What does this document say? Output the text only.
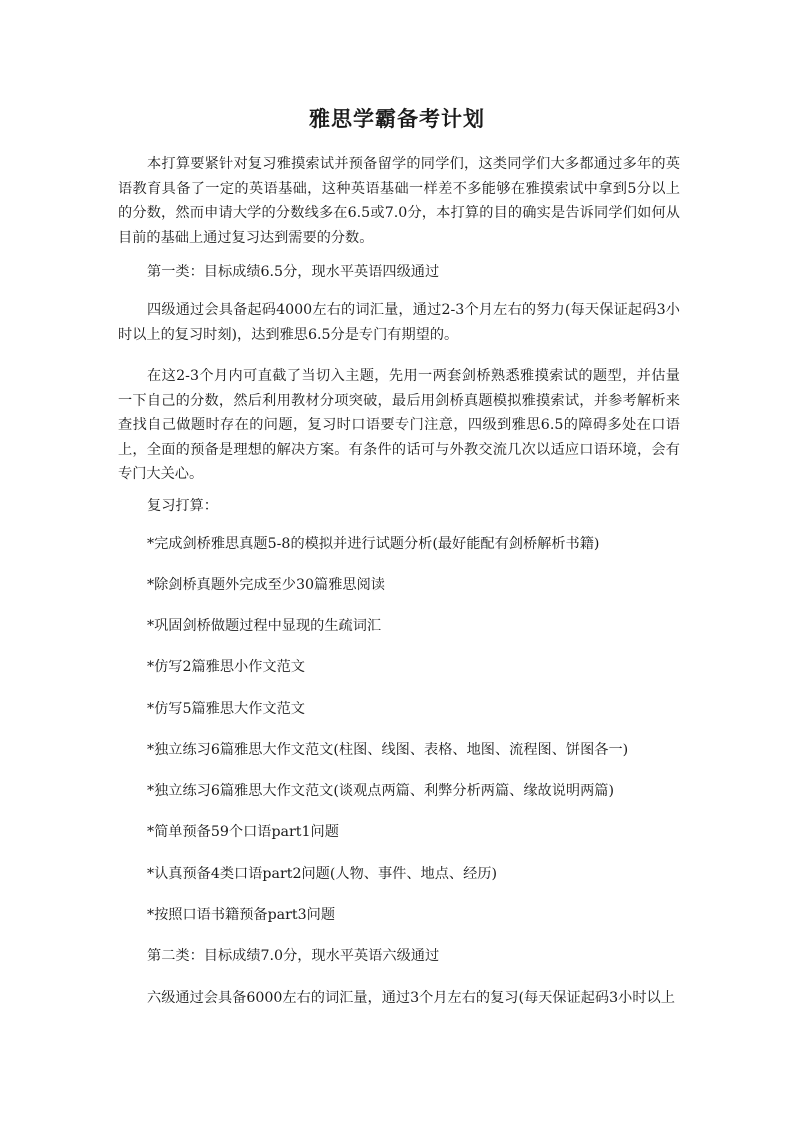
雅思学霸备考计划

本打算要紧针对复习雅摸索试并预备留学的同学们，这类同学们大多都通过多年的英语教育具备了一定的英语基础，这种英语基础一样差不多能够在雅摸索试中拿到5分以上的分数，然而申请大学的分数线多在6.5或7.0分，本打算的目的确实是告诉同学们如何从目前的基础上通过复习达到需要的分数。

第一类：目标成绩6.5分，现水平英语四级通过

四级通过会具备起码4000左右的词汇量，通过2-3个月左右的努力(每天保证起码3小时以上的复习时刻)，达到雅思6.5分是专门有期望的。

在这2-3个月内可直截了当切入主题，先用一两套剑桥熟悉雅摸索试的题型，并估量一下自己的分数，然后利用教材分项突破，最后用剑桥真题模拟雅摸索试，并参考解析来查找自己做题时存在的问题，复习时口语要专门注意，四级到雅思6.5的障碍多处在口语上，全面的预备是理想的解决方案。有条件的话可与外教交流几次以适应口语环境，会有专门大关心。

复习打算：

*完成剑桥雅思真题5-8的模拟并进行试题分析(最好能配有剑桥解析书籍)

*除剑桥真题外完成至少30篇雅思阅读

*巩固剑桥做题过程中显现的生疏词汇

*仿写2篇雅思小作文范文

*仿写5篇雅思大作文范文

*独立练习6篇雅思大作文范文(柱图、线图、表格、地图、流程图、饼图各一)

*独立练习6篇雅思大作文范文(谈观点两篇、利弊分析两篇、缘故说明两篇)

*简单预备59个口语part1问题

*认真预备4类口语part2问题(人物、事件、地点、经历)

*按照口语书籍预备part3问题

第二类：目标成绩7.0分，现水平英语六级通过

六级通过会具备6000左右的词汇量，通过3个月左右的复习(每天保证起码3小时以上
